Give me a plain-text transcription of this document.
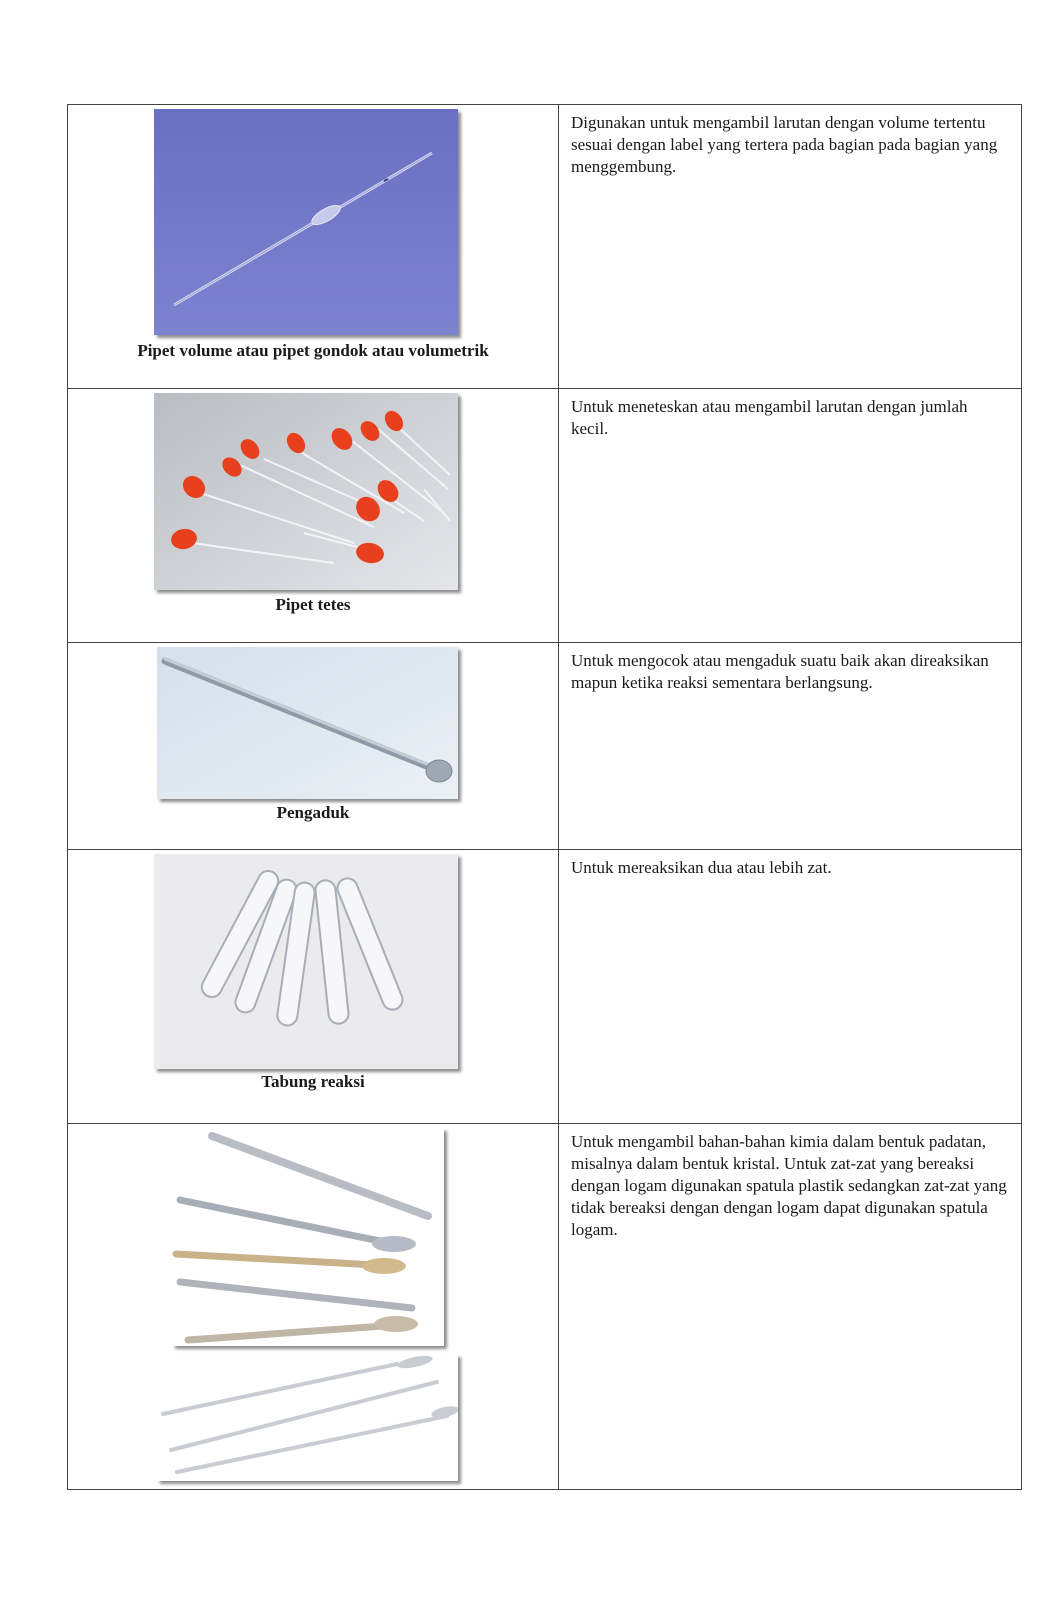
Pipet volume atau pipet gondok atau volumetrik	Digunakan untuk mengambil larutan dengan volume tertentu sesuai dengan label yang tertera pada bagian pada bagian yang menggembung.

Pipet tetes	Untuk meneteskan atau mengambil larutan dengan jumlah kecil.

Pengaduk	Untuk mengocok atau mengaduk suatu baik akan direaksikan mapun ketika reaksi sementara berlangsung.

Tabung reaksi	Untuk mereaksikan dua atau lebih zat.

Untuk mengambil bahan-bahan kimia dalam bentuk padatan, misalnya dalam bentuk kristal. Untuk zat-zat yang bereaksi dengan logam digunakan spatula plastik sedangkan zat-zat yang tidak bereaksi dengan dengan logam dapat digunakan spatula logam.
